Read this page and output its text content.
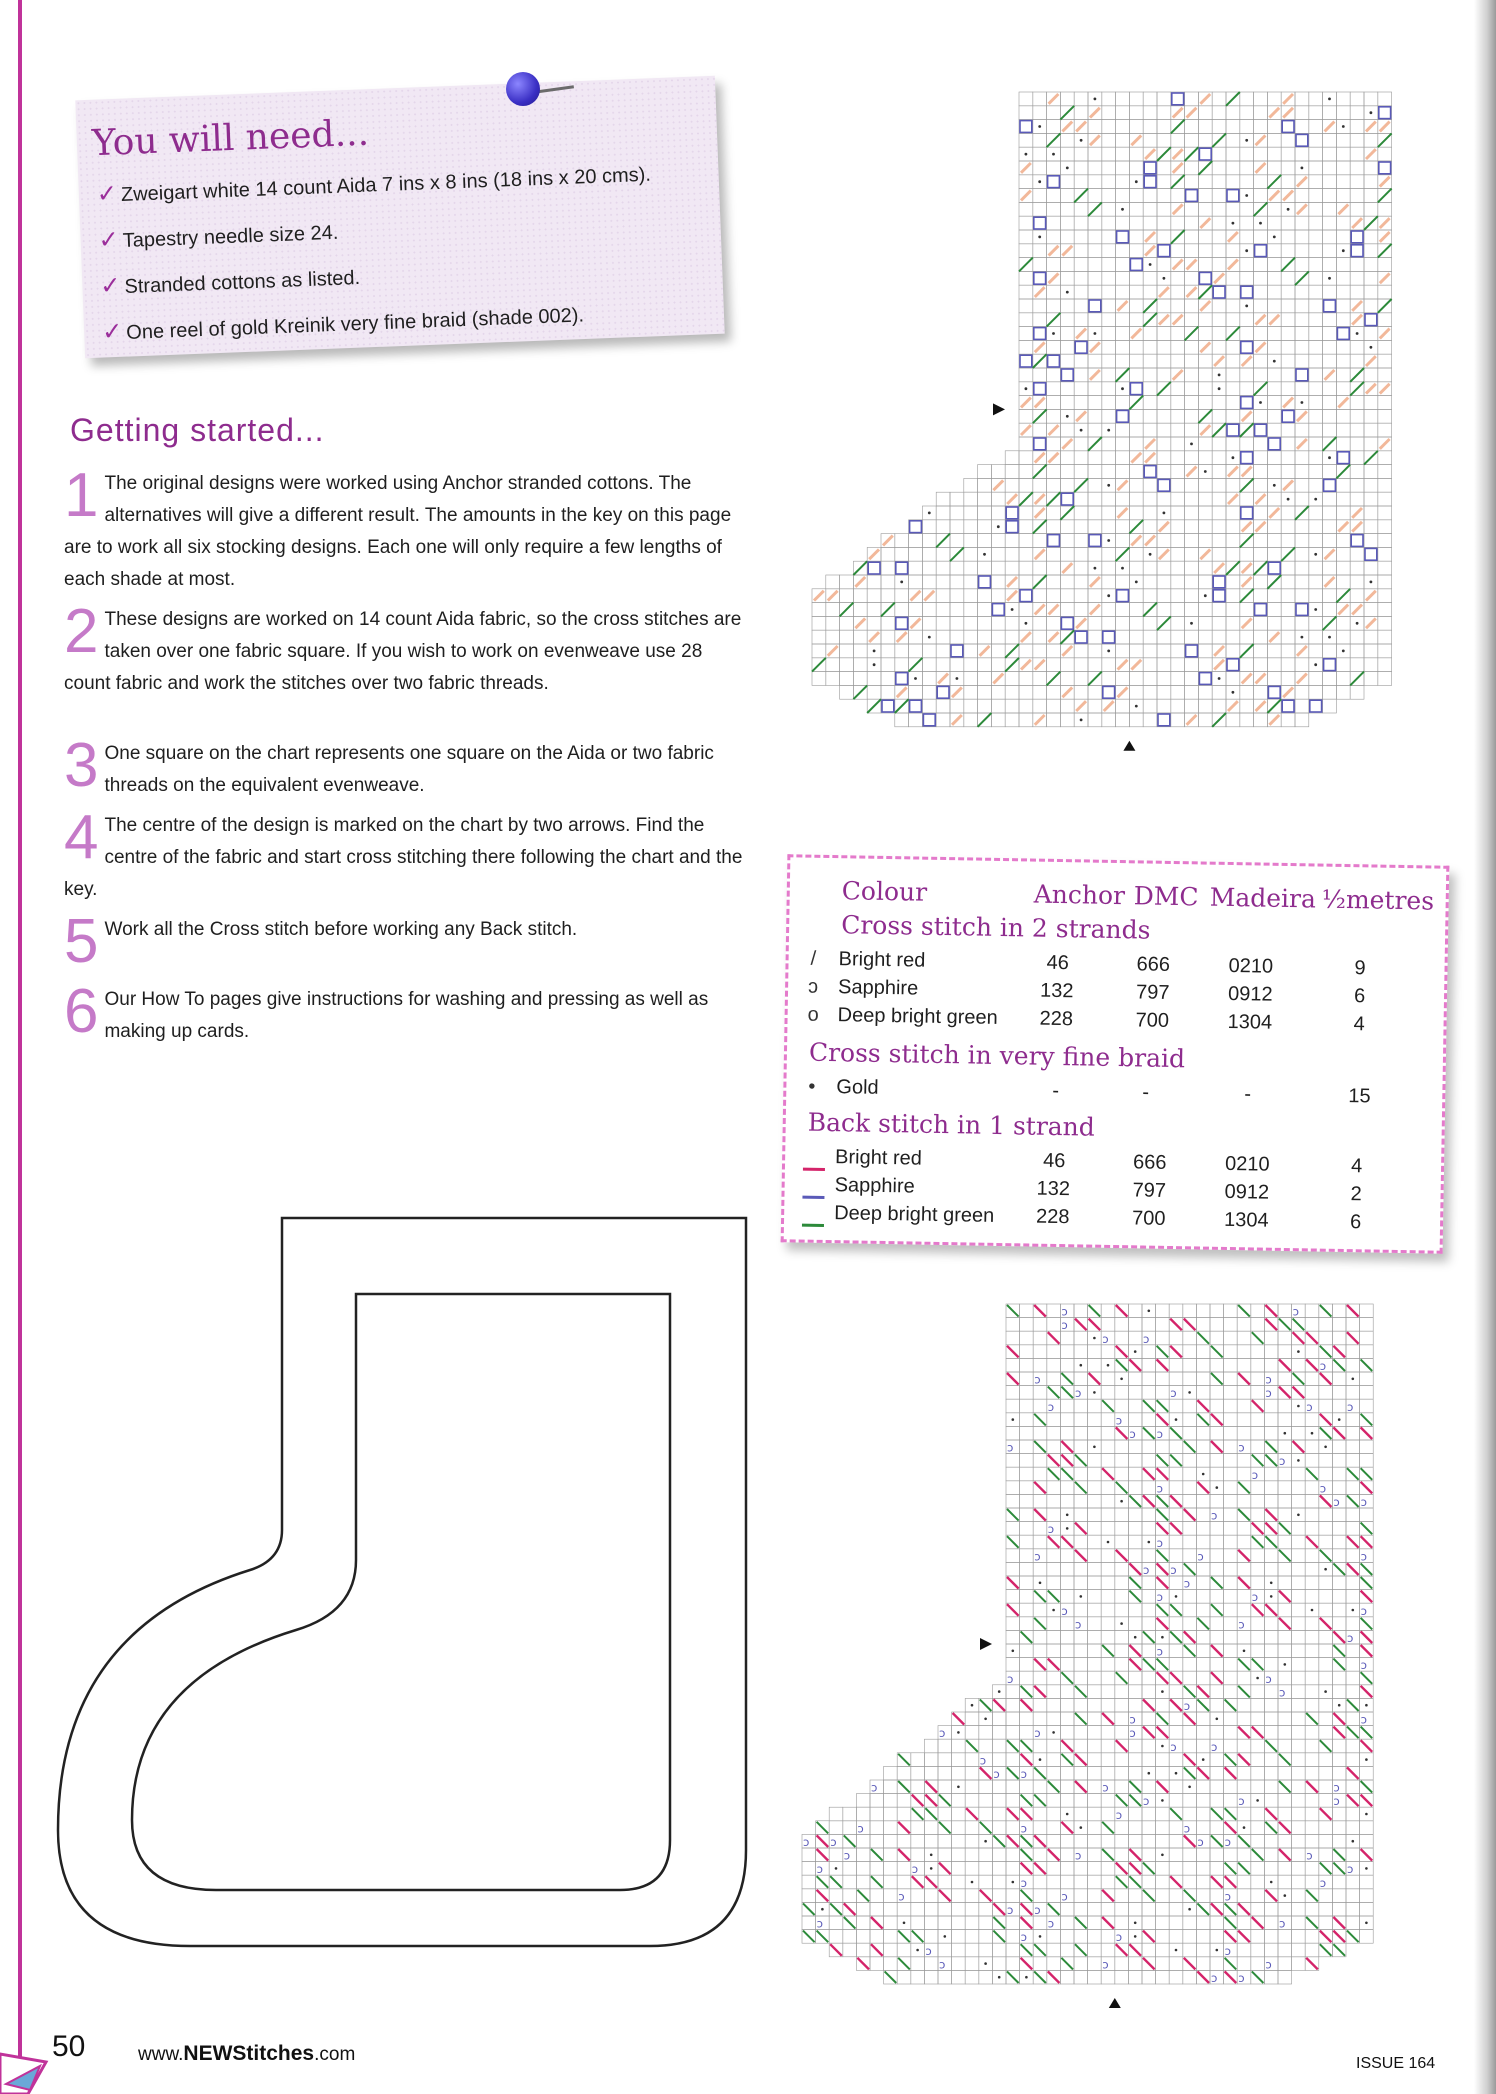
You will need...
✓ Zweigart white 14 count Aida 7 ins x 8 ins (18 ins x 20 cms).
✓ Tapestry needle size 24.
✓ Stranded cottons as listed.
✓ One reel of gold Kreinik very fine braid (shade 002).
Getting started...
1 The original designs were worked using Anchor stranded cottons. The alternatives will give a different result. The amounts in the key on this page are to work all six stocking designs. Each one will only require a few lengths of each shade at most.
2 These designs are worked on 14 count Aida fabric, so the cross stitches are taken over one fabric square. If you wish to work on evenweave use 28 count fabric and work the stitches over two fabric threads.
3 One square on the chart represents one square on the Aida or two fabric threads on the equivalent evenweave.
4 The centre of the design is marked on the chart by two arrows. Find the centre of the fabric and start cross stitching there following the chart and the key.
5 Work all the Cross stitch before working any Back stitch.
6 Our How To pages give instructions for washing and pressing as well as making up cards.
Colour	Anchor DMC Madeira ½metres
Cross stitch in 2 strands
/ Bright red	46	666	0210	9
ↄ Sapphire	132	797	0912	6
o Deep bright green 228	700	1304	4
Cross stitch in very fine braid
• Gold	-	-	-	15
Back stitch in 1 strand
Bright red	46	666	0210	4
Sapphire	132	797	0912	2
Deep bright green 228	700	1304	6
ↄ	ↄ
ↄ
ↄ	ↄ
ↄ
ↄ	ↄ
ↄ	ↄ	ↄ
ↄ	ↄ	ↄ
ↄ
ↄ ↄ
ↄ	ↄ
ↄ
ↄ
ↄ	ↄ
ↄ ↄ
ↄ
ↄ
ↄ
ↄ	ↄ	ↄ
ↄ ↄ
ↄ
ↄ	ↄ
ↄ	ↄ
ↄ	ↄ
ↄ
ↄ
ↄ
ↄ	ↄ
ↄ
ↄ
ↄ	ↄ
ↄ	ↄ	ↄ
ↄ	ↄ
ↄ
ↄ ↄ
ↄ	ↄ	ↄ
ↄ	ↄ	ↄ
ↄ
ↄ	ↄ	ↄ
ↄ ↄ	ↄ ↄ
ↄ	ↄ	ↄ
ↄ	ↄ	ↄ
ↄ	ↄ
ↄ	ↄ	ↄ
ↄ ↄ
ↄ	ↄ	ↄ
ↄ	ↄ
ↄ	ↄ
ↄ	ↄ	ↄ
ↄ ↄ
50	www.NEWStitches.com	ISSUE 164
